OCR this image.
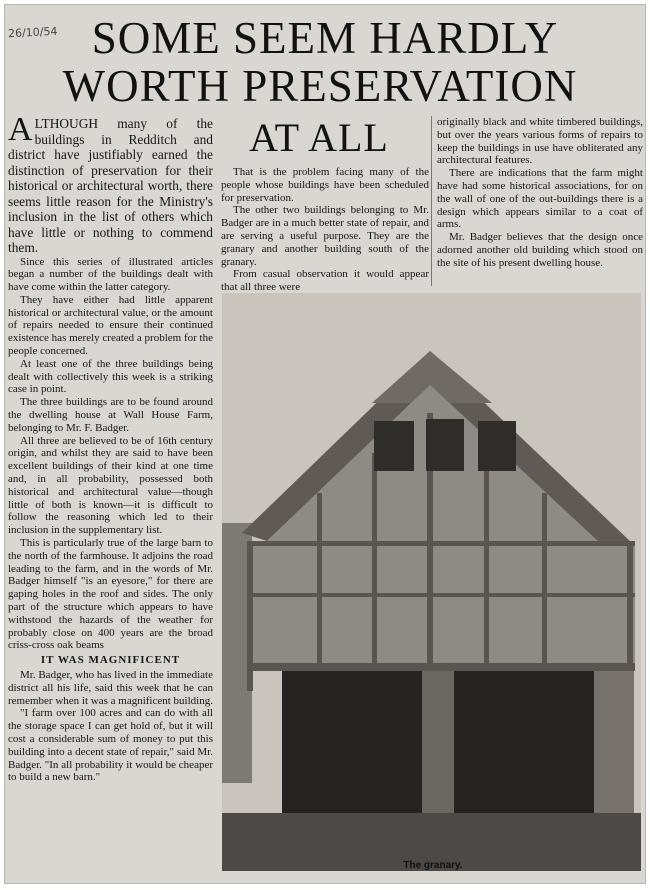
26/10/54 SOME SEEM HARDLY
WORTH PRESERVATION
AT ALL

ALTHOUGH many of the buildings in Redditch and district have justifiably earned the distinction of preservation for their historical or architectural worth, there seems little reason for the Ministry's inclusion in the list of others which have little or nothing to commend them.

Since this series of illustrated articles began a number of the buildings dealt with have come within the latter category.

They have either had little apparent historical or architectural value, or the amount of repairs needed to ensure their continued existence has merely created a problem for the people concerned.

At least one of the three buildings being dealt with collectively this week is a striking case in point.

The three buildings are to be found around the dwelling house at Wall House Farm, belonging to Mr. F. Badger.

All three are believed to be of 16th century origin, and whilst they are said to have been excellent buildings of their kind at one time and, in all probability, possessed both historical and architectural value—though little of both is known—it is difficult to follow the reasoning which led to their inclusion in the supplementary list.

This is particularly true of the large barn to the north of the farmhouse. It adjoins the road leading to the farm, and in the words of Mr. Badger himself "is an eyesore," for there are gaping holes in the roof and sides. The only part of the structure which appears to have withstood the hazards of the weather for probably close on 400 years are the broad criss-cross oak beams

IT WAS MAGNIFICENT

Mr. Badger, who has lived in the immediate district all his life, said this week that he can remember when it was a magnificent building.

"I farm over 100 acres and can do with all the storage space I can get hold of, but it will cost a considerable sum of money to put this building into a decent state of repair," said Mr. Badger. "In all probability it would be cheaper to build a new barn."

That is the problem facing many of the people whose buildings have been scheduled for preservation.

The other two buildings belonging to Mr. Badger are in a much better state of repair, and are serving a useful purpose. They are the granary and another building south of the granary.

From casual observation it would appear that all three were

originally black and white timbered buildings, but over the years various forms of repairs to keep the buildings in use have obliterated any architectural features.

There are indications that the farm might have had some historical associations, for on the wall of one of the out-buildings there is a design which appears similar to a coat of arms.

Mr. Badger believes that the design once adorned another old building which stood on the site of his present dwelling house.

The granary.
